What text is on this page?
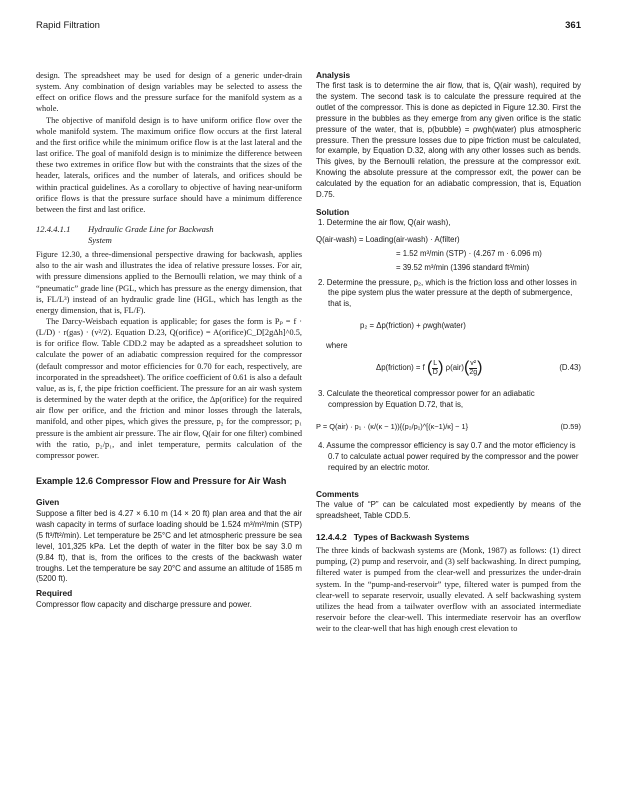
Rapid Filtration	361

design. The spreadsheet may be used for design of a generic under-drain system. Any combination of design variables may be selected to assess the effect on orifice flows and the pressure surface for the manifold system as a whole.

The objective of manifold design is to have uniform orifice flow over the whole manifold system. The maximum orifice flow occurs at the first lateral and the first orifice while the minimum orifice flow is at the last lateral and the last orifice. The goal of manifold design is to minimize the difference between these two extremes in orifice flow but with the constraints that the sizes of the header, laterals, orifices and the number of laterals, and orifices should be within practical guidelines. As a corollary to objective of having near-uniform orifice flows is that the pressure surface should have a minimum difference between the first and last orifice.

12.4.4.1.1 Hydraulic Grade Line for Backwash
System

Figure 12.30, a three-dimensional perspective drawing for backwash, applies also to the air wash and illustrates the idea of relative pressure losses. For air, with pressure dimensions applied to the Bernoulli relation, we may think of a “pneumatic” grade line (PGL, which has pressure as the energy dimension, that is, FL/L³) instead of an hydraulic grade line (HGL, which has length as the energy dimension, that is, FL/F).

The Darcy-Weisbach equation is applicable; for gases the form is Pₚ = f · (L/D) · r(gas) · (v²/2). Equation D.23, Q(orifice) = A(orifice)C_D[2gΔh]^0.5, is for orifice flow. Table CDD.2 may be adapted as a spreadsheet solution to calculate the power of an adiabatic compression required for the compressor (default compressor and motor efficiencies for 0.70 for each, respectively, are incorporated in the spreadsheet). The orifice coefficient of 0.61 is also a default value, as is, f, the pipe friction coefficient. The pressure for an air wash system is determined by the water depth at the orifice, the Δp(orifice) for the required air flow per orifice, and the friction and minor losses through the laterals, manifold, and other pipes, which gives the pressure, p₂ for the compressor; p₁ pressure is the ambient air pressure. The air flow, Q(air for one filter) combined with the ratio, p₂/p₁, and inlet temperature, permits calculation of the compressor power.

Example 12.6 Compressor Flow and Pressure for Air Wash

Given

Suppose a filter bed is 4.27 × 6.10 m (14 × 20 ft) plan area and that the air wash capacity in terms of surface loading should be 1.524 m³/m²/min (STP) (5 ft³/ft²/min). Let temperature be 25°C and let atmospheric pressure be sea level, 101,325 kPa. Let the depth of water in the filter box be say 3.0 m (9.84 ft), that is, from the orifices to the crests of the backwash water troughs. Let the temperature be say 20°C and assume an altitude of 1585 m (5200 ft).

Required

Compressor flow capacity and discharge pressure and power.

Analysis

The first task is to determine the air flow, that is, Q(air wash), required by the system. The second task is to calculate the pressure required at the outlet of the compressor. This is done as depicted in Figure 12.30. First the pressure in the bubbles as they emerge from any given orifice is the static pressure of the water, that is, p(bubble) = ρwgh(water) plus atmospheric pressure. Then the pressure losses due to pipe friction must be calculated, for example, by Equation D.32, along with any other losses such as bends. This gives, by the Bernoulli relation, the pressure at the compressor exit. Knowing the absolute pressure at the compressor exit, the power can be calculated by the equation for an adiabatic compression, that is, Equation D.75.

Solution

1. Determine the air flow, Q(air wash),

Q(air-wash) = Loading(air-wash) · A(filter)

= 1.52 m³/min (STP) · (4.267 m · 6.096 m)

= 39.52 m³/min (1396 standard ft³/min)

2. Determine the pressure, p₂, which is the friction loss and other losses in the pipe system plus the water pressure at the depth of submergence, that is,

p₂ = Δp(friction) + ρwgh(water)

where

Δp(friction) = f ( $\frac{L}{D}$ ) $\rho(air)( \frac{\text{v²}}{2g}$ )	(D.43)

3. Calculate the theoretical compressor power for an adiabatic compression by Equation D.72, that is,

P = Q(air) · p₁ · (κ/(κ − 1)){(p₂/p₁)^[(κ−1)/κ] − 1}	(D.59)

4. Assume the compressor efficiency is say 0.7 and the motor efficiency is 0.7 to calculate actual power required by the compressor and the power required by an electric motor.

Comments

The value of “P” can be calculated most expediently by means of the spreadsheet, Table CDD.5.

12.4.4.2 Types of Backwash Systems

The three kinds of backwash systems are (Monk, 1987) as follows: (1) direct pumping, (2) pump and reservoir, and (3) self backwashing. In direct pumping, filtered water is pumped from the clear-well and pressurizes the under-drain system. In the “pump-and-reservoir” type, filtered water is pumped from the clear-well to separate reservoir, usually elevated. A self backwashing system utilizes the head from a tailwater overflow with an associated intermediate reservoir before the clear-well. This intermediate reservoir has an overflow weir to the clear-well that has high enough crest elevation to
